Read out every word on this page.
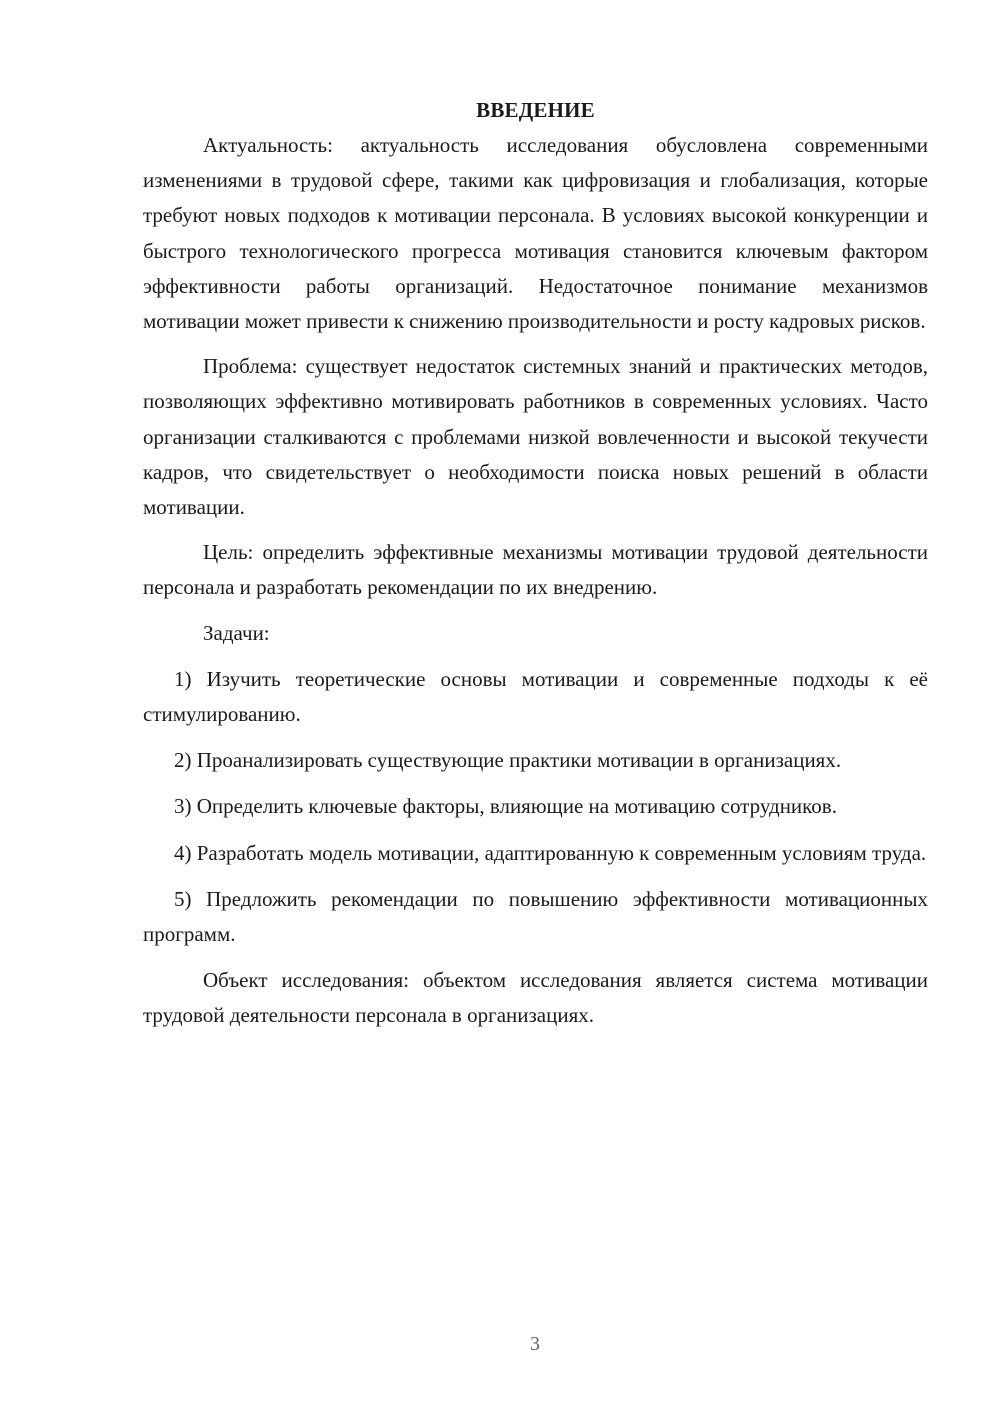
ВВЕДЕНИЕ

Актуальность: актуальность исследования обусловлена современными изменениями в трудовой сфере, такими как цифровизация и глобализация, которые требуют новых подходов к мотивации персонала. В условиях высокой конкуренции и быстрого технологического прогресса мотивация становится ключевым фактором эффективности работы организаций. Недостаточное понимание механизмов мотивации может привести к снижению производительности и росту кадровых рисков.

Проблема: существует недостаток системных знаний и практических методов, позволяющих эффективно мотивировать работников в современных условиях. Часто организации сталкиваются с проблемами низкой вовлеченности и высокой текучести кадров, что свидетельствует о необходимости поиска новых решений в области мотивации.

Цель: определить эффективные механизмы мотивации трудовой деятельности персонала и разработать рекомендации по их внедрению.

Задачи:

1) Изучить теоретические основы мотивации и современные подходы к её стимулированию.

2) Проанализировать существующие практики мотивации в организациях.

3) Определить ключевые факторы, влияющие на мотивацию сотрудников.

4) Разработать модель мотивации, адаптированную к современным условиям труда.

5) Предложить рекомендации по повышению эффективности мотивационных программ.

Объект исследования: объектом исследования является система мотивации трудовой деятельности персонала в организациях.

3
